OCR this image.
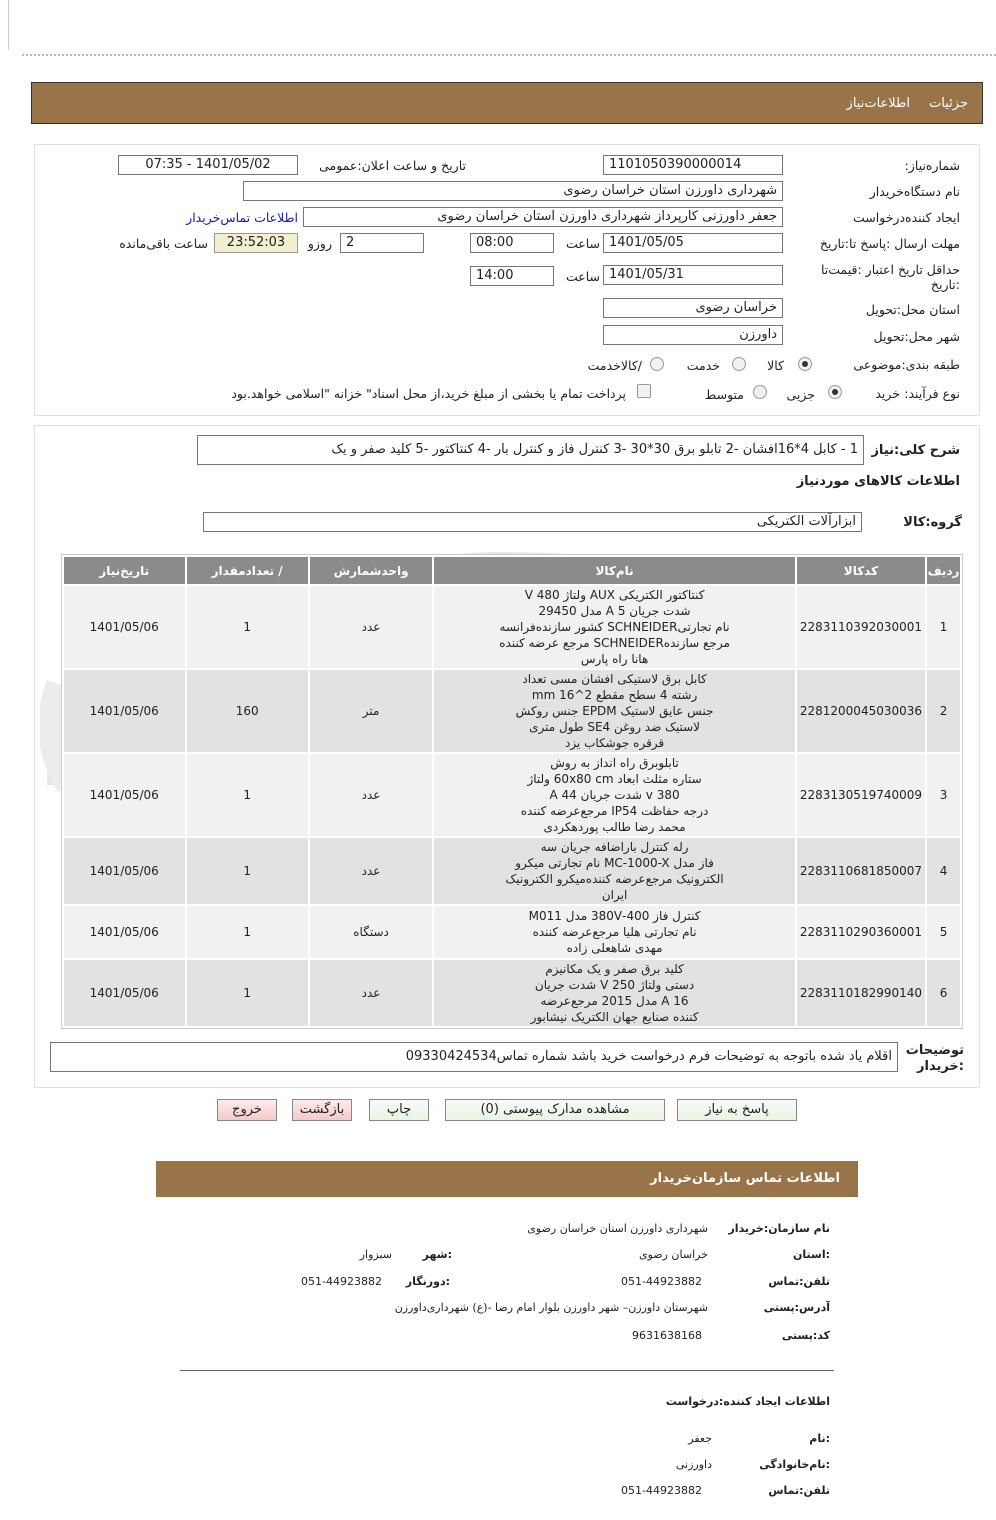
جزئیات
اطلاعات‌نیاز
شماره‌نیاز:
1101050390000014
تاریخ و ساعت اعلان:عمومی
1401/05/02 - 07:35
نام دستگاه‌خریدار
شهرداری داورزن استان خراسان رضوی
ایجاد کننده‌درخواست
جعفر داورزنی کارپرداز شهرداری داورزن استان خراسان رضوی
اطلاعات تماس‌خریدار
مهلت ارسال :پاسخ تا:تاریخ
1401/05/05
ساعت
08:00
2
روزو
23:52:03
ساعت باقی‌مانده
حداقل تاریخ اعتبار :قیمت‌تا
:تاریخ
1401/05/31
ساعت
14:00
استان محل:تحویل
خراسان رضوی
شهر محل:تحویل
داورزن
طبقه بندی:موضوعی
کالا
خدمت
/کالاخدمت
نوع فرآیند:
خرید
جزیی
متوسط
پرداخت تمام یا بخشی از مبلغ خرید،از محل اسناد" خزانه "اسلامی خواهد.بود
شرح کلی:نیاز
1 - کابل 4*16افشان -2 تابلو برق 30*30 -3 کنترل فاز و کنترل بار -4 کنتاکتور -5 کلید صفر و یک
اطلاعات کالاهای موردنیاز
گروه:کالا
ابزارآلات الکتریکی
ردیف	کدکالا	نام‌کالا	واحدشمارش	/ تعدادمقدار	تاریخ‌نیاز
1	2283110392030001	کنتاکتور الکتریکی AUX ولتاژ 480 V
شدت جریان 5 A مدل 29450
نام تجارتیSCHNEIDER کشور سازنده‌فرانسه
مرجع سازنده‌SCHNEIDER مرجع عرضه کننده
هانا راه پارس	عدد	1	1401/05/06
2	2281200045030036	کابل برق لاستیکی افشان مسی تعداد
رشته 4 سطح مقطع 2^16 mm
جنس عایق لاستیک EPDM جنس روکش
لاستیک ضد روغن SE4 طول متری
قرقره جوشکاب یزد	متر	160	1401/05/06
3	2283130519740009	تابلو‌برق راه انداز به روش
ستاره مثلث ابعاد 60x80 cm ولتاژ
380 v شدت جریان 44 A
درجه حفاظت IP54 مرجع‌عرضه کننده
محمد رضا طالب پوردهکردی	عدد	1	1401/05/06
4	2283110681850007	رله کنترل بار‌اضافه جریان سه
فاز مدل MC-1000-X نام تجارتی میکرو
الکترونیک مرجع‌عرضه کننده‌میکرو الکترونیک
ایران	عدد	1	1401/05/06
5	2283110290360001	کنترل فاز 400-380V مدل M011
نام تجارتی هلیا مرجع‌عرضه کننده
مهدی شاهعلی زاده	دستگاه	1	1401/05/06
6	2283110182990140	کلید برق صفر و یک مکانیزم
دستی ولتاژ 250 V شدت جریان
16 A مدل 2015 مرجع‌عرضه
کننده صنایع جهان الکتریک نیشابور	عدد	1	1401/05/06
توضیحات
:خریدار
اقلام یاد شده باتوجه به توضیحات فرم درخواست خرید باشد شماره تماس09330424534
پاسخ به نیاز
مشاهده مدارک پیوستی (0)
چاپ
بازگشت
خروج
اطلاعات تماس سازمان‌خریدار
نام سازمان:خریدار
شهرداری داورزن استان خراسان رضوی
:استان
خراسان رضوی
:شهر
سبزوار
تلفن:تماس
051-44923882
:دورنگار
051-44923882
آدرس:پستی
شهرستان داورزن– شهر داورزن بلوار امام رضا -(ع) شهرداری‌داورزن
کد:پستی
9631638168
اطلاعات ایجاد کننده:درخواست
:نام
جعفر
:نام‌خانوادگی
داورزنی
تلفن:تماس
051-44923882
